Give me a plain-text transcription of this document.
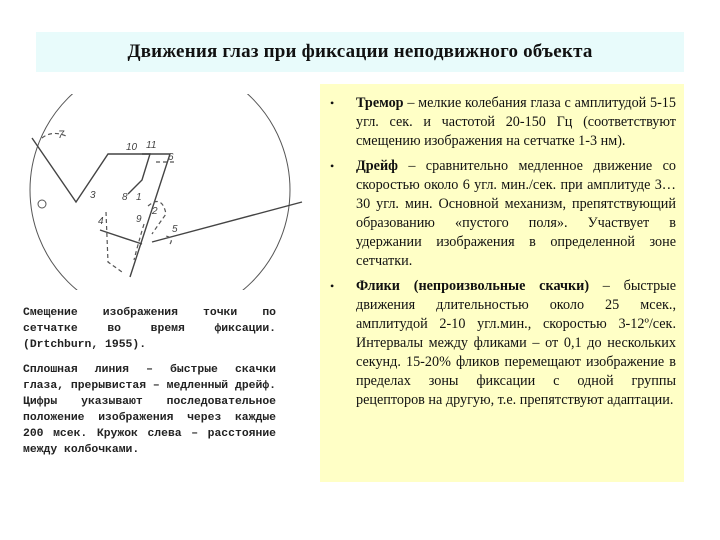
Движения глаз при фиксации неподвижного объекта
7
10 11
6
3	8 1
2
9
5
4

Смещение изображения точки по сетчатке во время фиксации. (Drtchburn, 1955).

Сплошная линия – быстрые скачки глаза, прерывистая – медленный дрейф. Цифры указывают последовательное положение изображения через каждые 200 мсек. Кружок слева – расстояние между колбочками.

• Тремор – мелкие колебания глаза с амплитудой 5-15 угл. сек. и частотой 20-150 Гц (соответствуют смещению изображения на сетчатке 1-3 нм).

• Дрейф – сравнительно медленное движение со скоростью около 6 угл. мин./сек. при амплитуде 3…30 угл. мин. Основной механизм, препятствующий образованию «пустого поля». Участвует в удержании изображения в определенной зоне сетчатки.

• Флики (непроизвольные скачки) – быстрые движения длительностью около 25 мсек., амплитудой 2-10 угл.мин., скоростью 3-12º/сек. Интервалы между фликами – от 0,1 до нескольких секунд. 15-20% фликов перемещают изображение в пределах зоны фиксации с одной группы рецепторов на другую, т.е. препятствуют адаптации.
